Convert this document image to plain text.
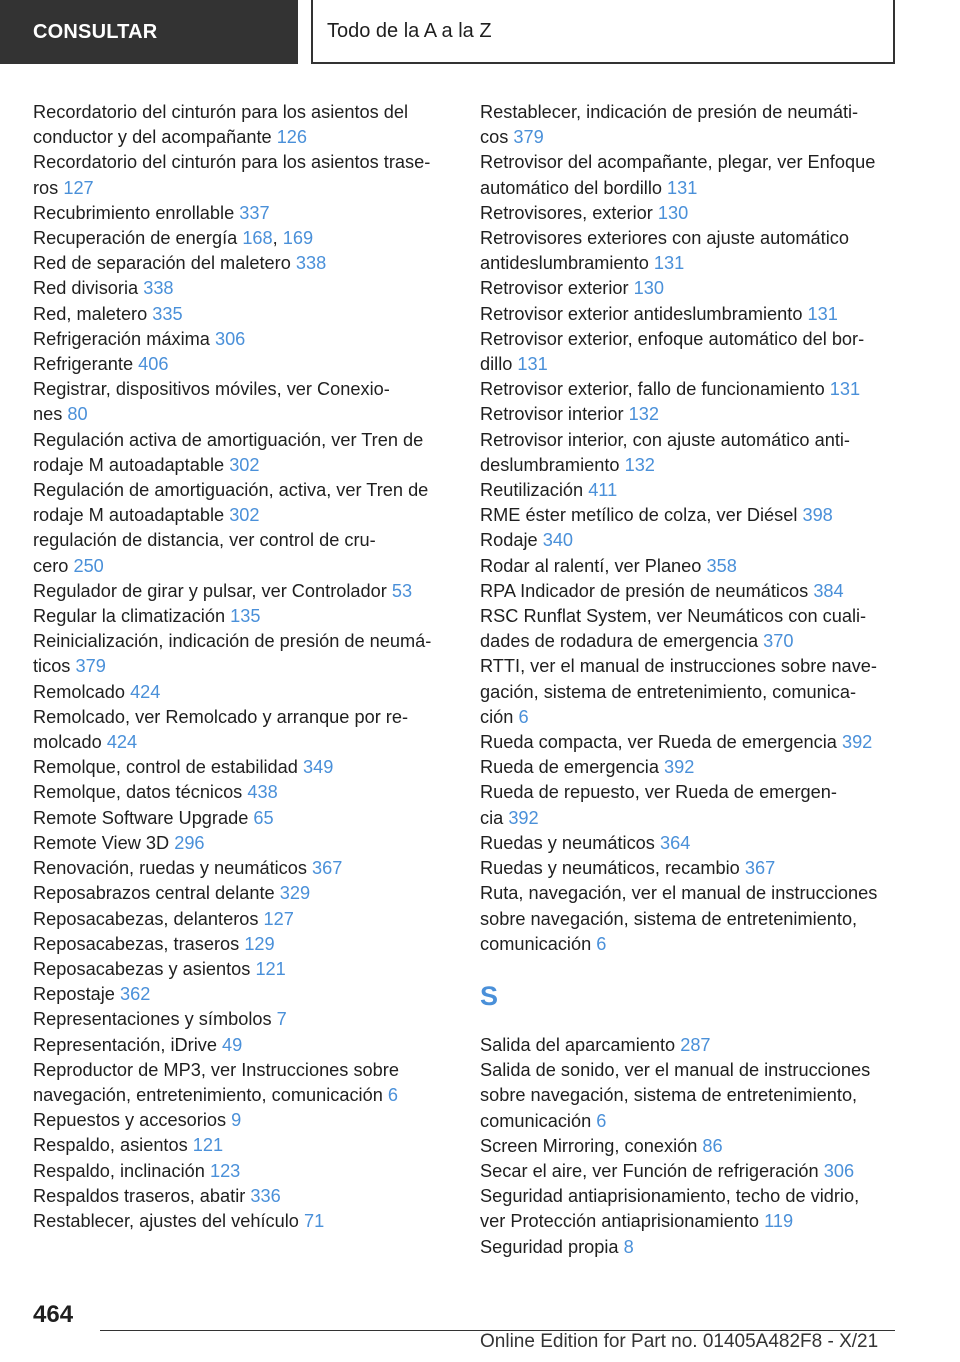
CONSULTAR	Todo de la A a la Z
Recordatorio del cinturón para los asientos del
conductor y del acompañante 126
Recordatorio del cinturón para los asientos trase-
ros 127
Recubrimiento enrollable 337
Recuperación de energía 168, 169
Red de separación del maletero 338
Red divisoria 338
Red, maletero 335
Refrigeración máxima 306
Refrigerante 406
Registrar, dispositivos móviles, ver Conexio-
nes 80
Regulación activa de amortiguación, ver Tren de
rodaje M autoadaptable 302
Regulación de amortiguación, activa, ver Tren de
rodaje M autoadaptable 302
regulación de distancia, ver control de cru-
cero 250
Regulador de girar y pulsar, ver Controlador 53
Regular la climatización 135
Reinicialización, indicación de presión de neumá-
ticos 379
Remolcado 424
Remolcado, ver Remolcado y arranque por re-
molcado 424
Remolque, control de estabilidad 349
Remolque, datos técnicos 438
Remote Software Upgrade 65
Remote View 3D 296
Renovación, ruedas y neumáticos 367
Reposabrazos central delante 329
Reposacabezas, delanteros 127
Reposacabezas, traseros 129
Reposacabezas y asientos 121
Repostaje 362
Representaciones y símbolos 7
Representación, iDrive 49
Reproductor de MP3, ver Instrucciones sobre
navegación, entretenimiento, comunicación 6
Repuestos y accesorios 9
Respaldo, asientos 121
Respaldo, inclinación 123
Respaldos traseros, abatir 336
Restablecer, ajustes del vehículo 71
Restablecer, indicación de presión de neumáti-
cos 379
Retrovisor del acompañante, plegar, ver Enfoque
automático del bordillo 131
Retrovisores, exterior 130
Retrovisores exteriores con ajuste automático
antideslumbramiento 131
Retrovisor exterior 130
Retrovisor exterior antideslumbramiento 131
Retrovisor exterior, enfoque automático del bor-
dillo 131
Retrovisor exterior, fallo de funcionamiento 131
Retrovisor interior 132
Retrovisor interior, con ajuste automático anti-
deslumbramiento 132
Reutilización 411
RME éster metílico de colza, ver Diésel 398
Rodaje 340
Rodar al ralentí, ver Planeo 358
RPA Indicador de presión de neumáticos 384
RSC Runflat System, ver Neumáticos con cuali-
dades de rodadura de emergencia 370
RTTI, ver el manual de instrucciones sobre nave-
gación, sistema de entretenimiento, comunica-
ción 6
Rueda compacta, ver Rueda de emergencia 392
Rueda de emergencia 392
Rueda de repuesto, ver Rueda de emergen-
cia 392
Ruedas y neumáticos 364
Ruedas y neumáticos, recambio 367
Ruta, navegación, ver el manual de instrucciones
sobre navegación, sistema de entretenimiento,
comunicación 6
S
Salida del aparcamiento 287
Salida de sonido, ver el manual de instrucciones
sobre navegación, sistema de entretenimiento,
comunicación 6
Screen Mirroring, conexión 86
Secar el aire, ver Función de refrigeración 306
Seguridad antiaprisionamiento, techo de vidrio,
ver Protección antiaprisionamiento 119
Seguridad propia 8
464
Online Edition for Part no. 01405A482F8 - X/21
